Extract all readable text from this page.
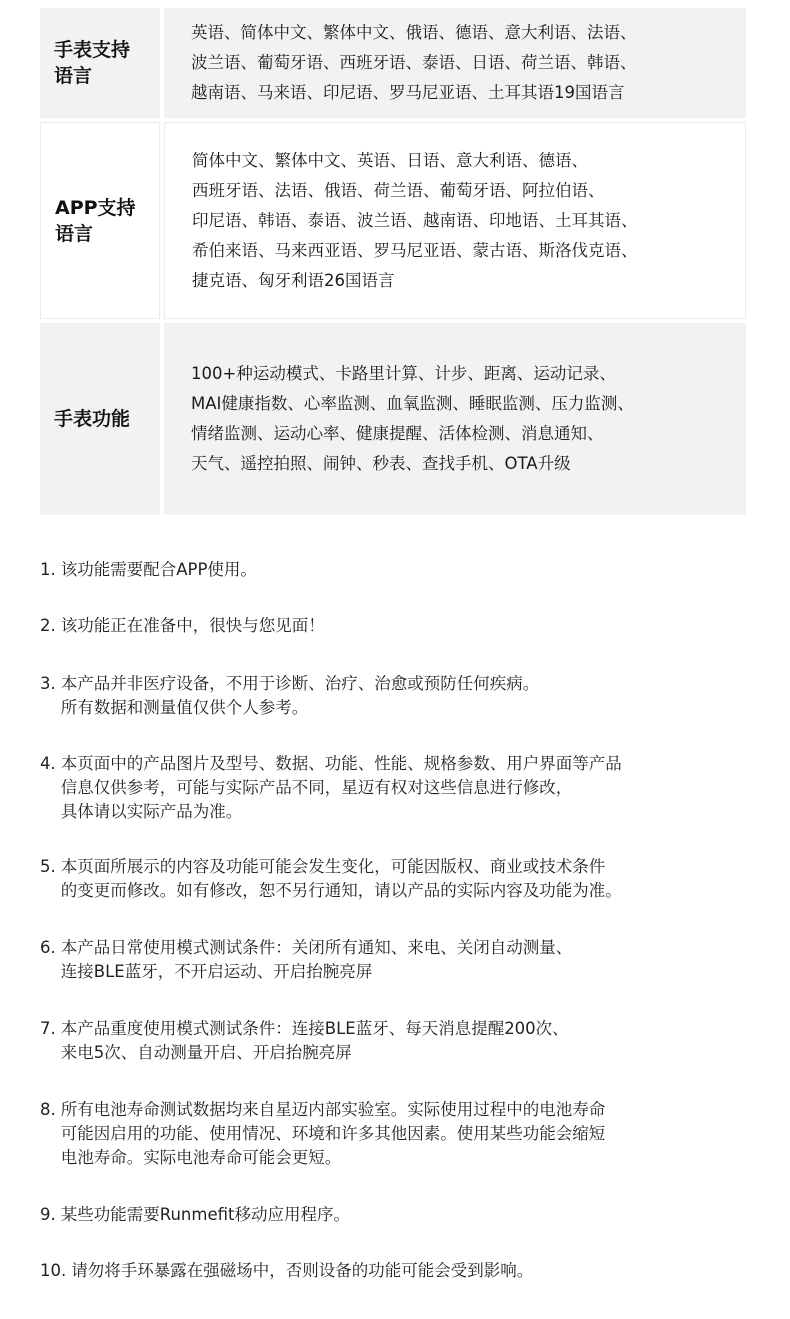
手表支持
语言
英语、简体中文、繁体中文、俄语、德语、意大利语、法语、
波兰语、葡萄牙语、西班牙语、泰语、日语、荷兰语、韩语、
越南语、马来语、印尼语、罗马尼亚语、土耳其语19国语言
APP支持
语言
简体中文、繁体中文、英语、日语、意大利语、德语、
西班牙语、法语、俄语、荷兰语、葡萄牙语、阿拉伯语、
印尼语、韩语、泰语、波兰语、越南语、印地语、土耳其语、
希伯来语、马来西亚语、罗马尼亚语、蒙古语、斯洛伐克语、
捷克语、匈牙利语26国语言
手表功能
100+种运动模式、卡路里计算、计步、距离、运动记录、
MAI健康指数、心率监测、血氧监测、睡眠监测、压力监测、
情绪监测、运动心率、健康提醒、活体检测、消息通知、
天气、遥控拍照、闹钟、秒表、查找手机、OTA升级
1. 该功能需要配合APP使用。
2. 该功能正在准备中，很快与您见面！
3. 本产品并非医疗设备，不用于诊断、治疗、治愈或预防任何疾病。
所有数据和测量值仅供个人参考。
4. 本页面中的产品图片及型号、数据、功能、性能、规格参数、用户界面等产品
信息仅供参考，可能与实际产品不同，星迈有权对这些信息进行修改，
具体请以实际产品为准。
5. 本页面所展示的内容及功能可能会发生变化，可能因版权、商业或技术条件
的变更而修改。如有修改，恕不另行通知，请以产品的实际内容及功能为准。
6. 本产品日常使用模式测试条件：关闭所有通知、来电、关闭自动测量、
连接BLE蓝牙，不开启运动、开启抬腕亮屏
7. 本产品重度使用模式测试条件：连接BLE蓝牙、每天消息提醒200次、
来电5次、自动测量开启、开启抬腕亮屏
8. 所有电池寿命测试数据均来自星迈内部实验室。实际使用过程中的电池寿命
可能因启用的功能、使用情况、环境和许多其他因素。使用某些功能会缩短
电池寿命。实际电池寿命可能会更短。
9. 某些功能需要Runmefit移动应用程序。
10. 请勿将手环暴露在强磁场中，否则设备的功能可能会受到影响。
